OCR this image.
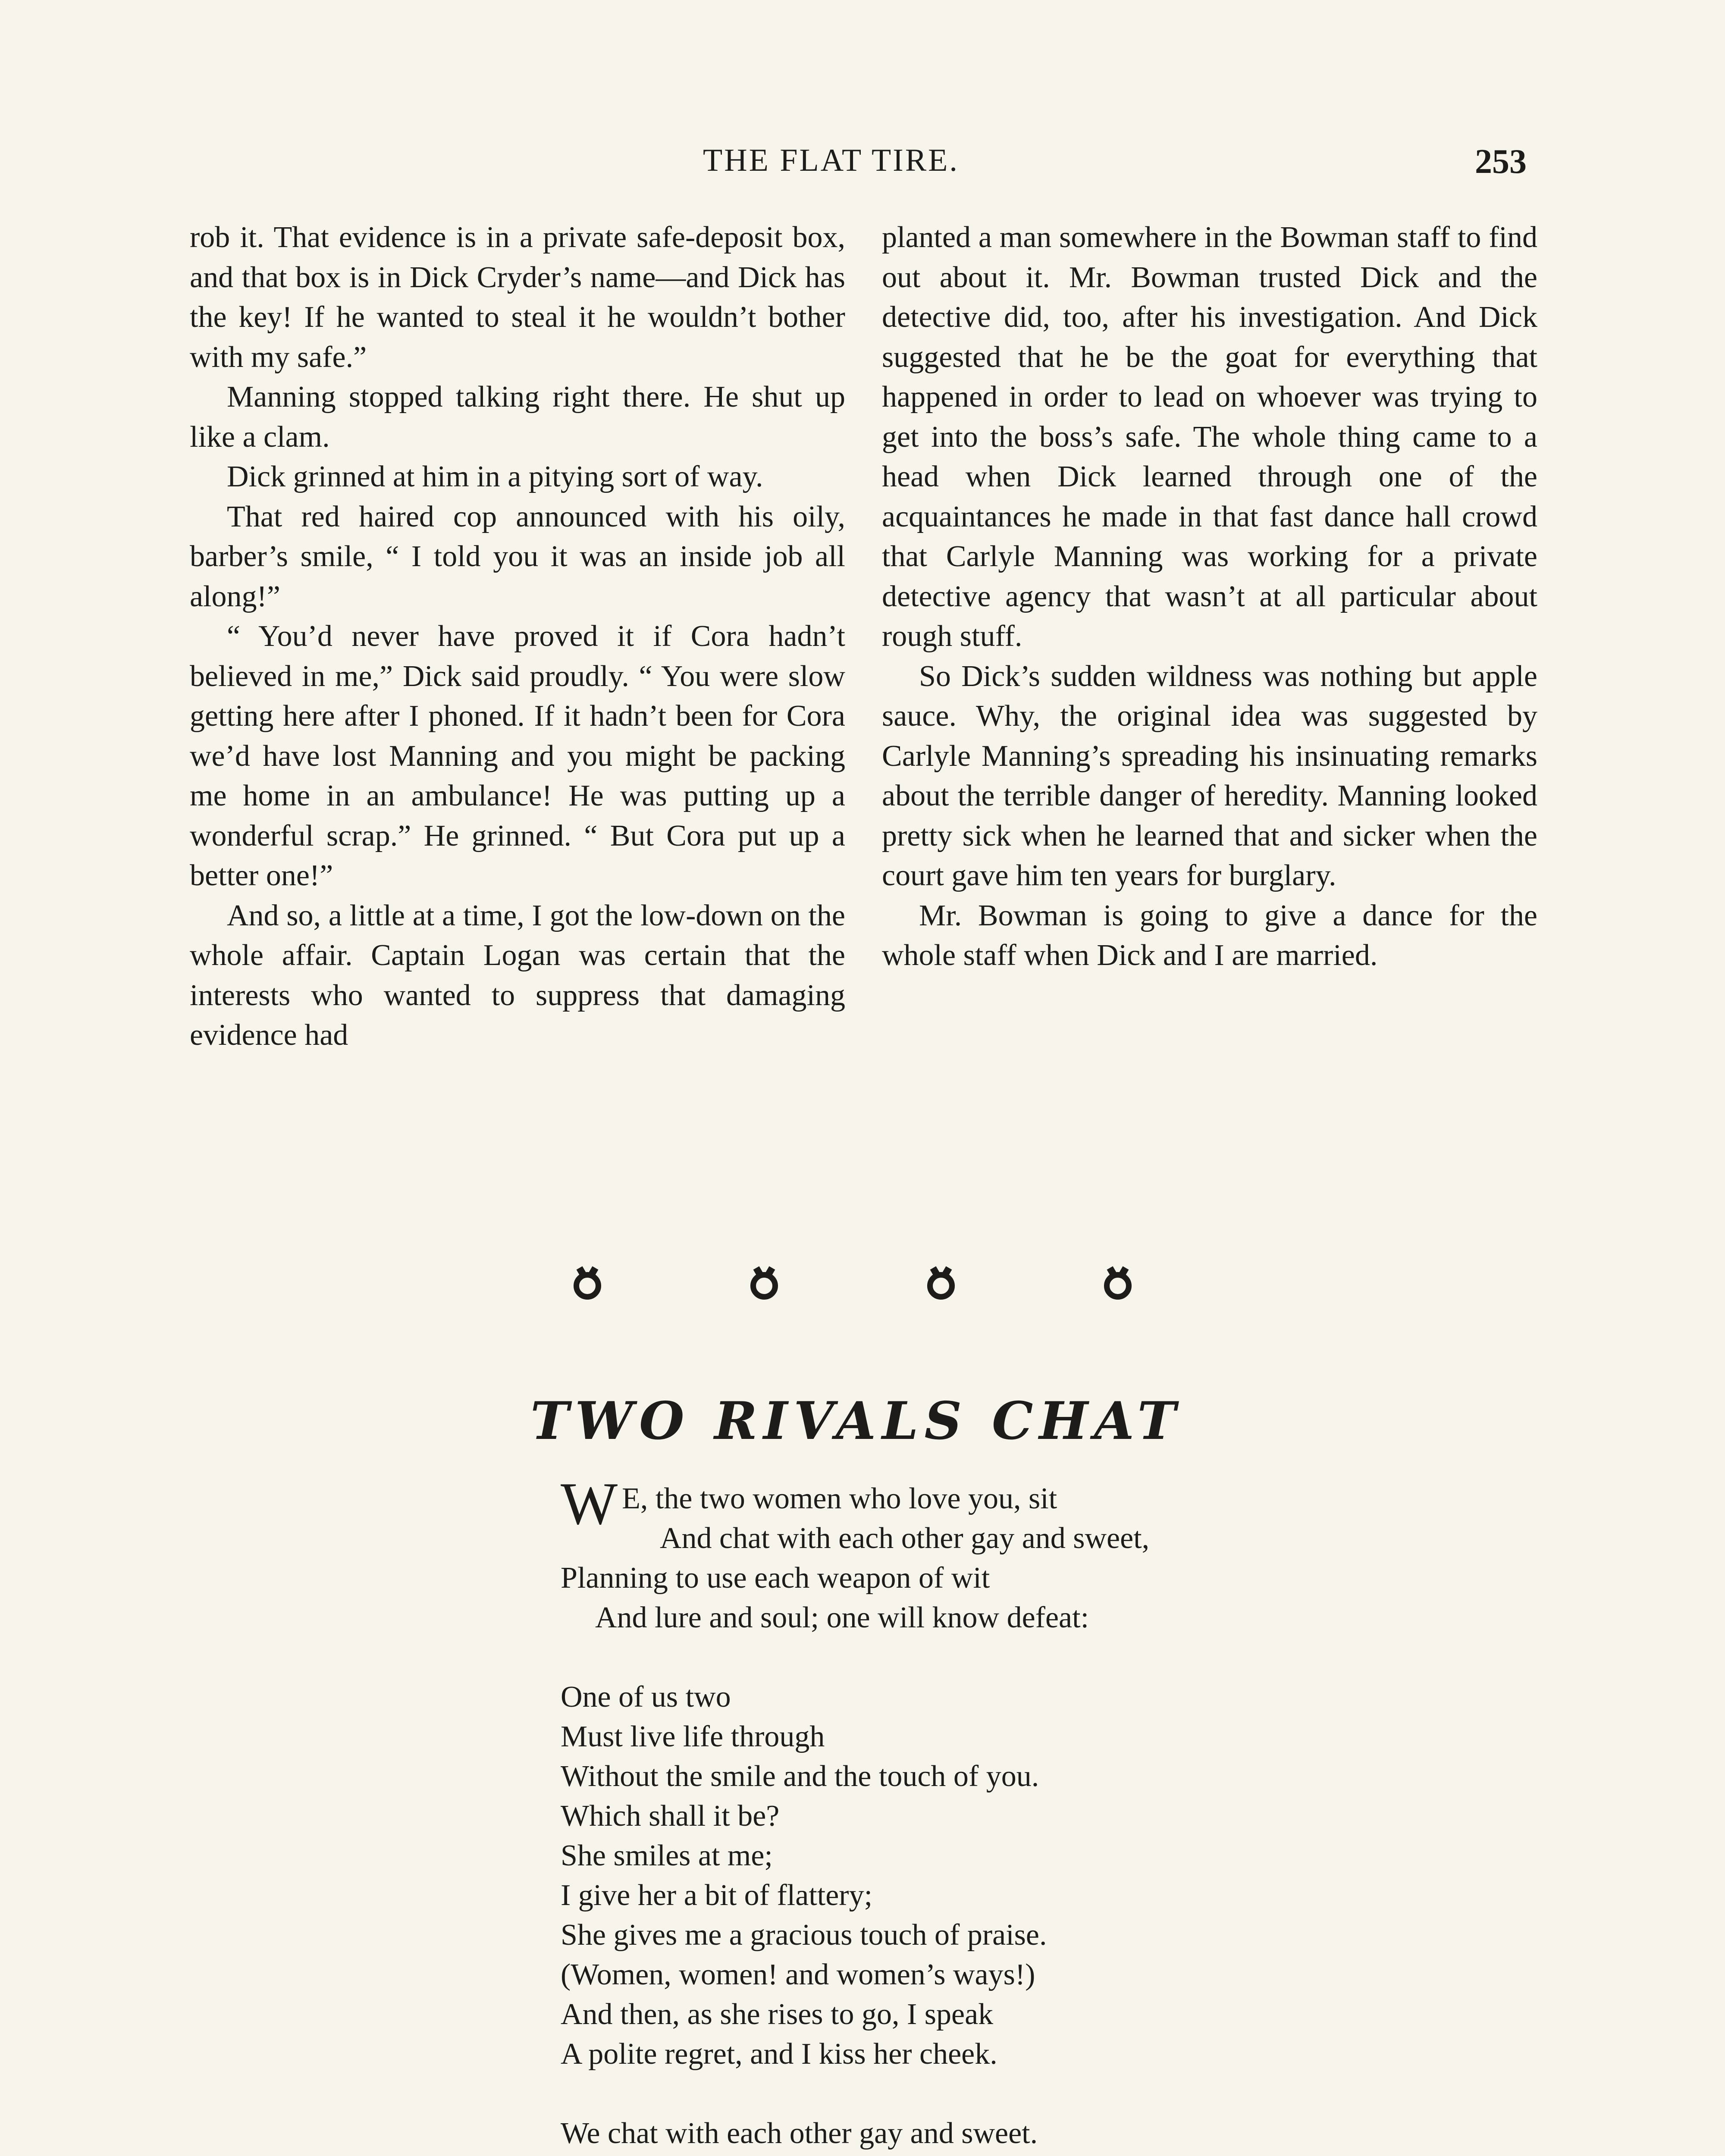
THE FLAT TIRE.	253

rob it. That evidence is in a private safe-deposit box, and that box is in Dick Cryder’s name—and Dick has the key! If he wanted to steal it he wouldn’t bother with my safe.”

Manning stopped talking right there. He shut up like a clam.

Dick grinned at him in a pitying sort of way.

That red haired cop announced with his oily, barber’s smile, “ I told you it was an inside job all along!”

“ You’d never have proved it if Cora hadn’t believed in me,” Dick said proudly. “ You were slow getting here after I phoned. If it hadn’t been for Cora we’d have lost Manning and you might be packing me home in an ambulance! He was putting up a wonderful scrap.” He grinned. “ But Cora put up a better one!”

And so, a little at a time, I got the low-down on the whole affair. Captain Logan was certain that the interests who wanted to suppress that damaging evidence had

planted a man somewhere in the Bowman staff to find out about it. Mr. Bowman trusted Dick and the detective did, too, after his investigation. And Dick suggested that he be the goat for everything that happened in order to lead on whoever was trying to get into the boss’s safe. The whole thing came to a head when Dick learned through one of the acquaintances he made in that fast dance hall crowd that Carlyle Manning was working for a private detective agency that wasn’t at all particular about rough stuff.

So Dick’s sudden wildness was nothing but apple sauce. Why, the original idea was suggested by Carlyle Manning’s spreading his insinuating remarks about the terrible danger of heredity. Manning looked pretty sick when he learned that and sicker when the court gave him ten years for burglary.

Mr. Bowman is going to give a dance for the whole staff when Dick and I are married.

TWO RIVALS CHAT
W E, the two women who love you, sit
And chat with each other gay and sweet,
Planning to use each weapon of wit
And lure and soul; one will know defeat:
One of us two
Must live life through
Without the smile and the touch of you.
Which shall it be?
She smiles at me;
I give her a bit of flattery;
She gives me a gracious touch of praise.
(Women, women! and women’s ways!)
And then, as she rises to go, I speak
A polite regret, and I kiss her cheek.
We chat with each other gay and sweet.
